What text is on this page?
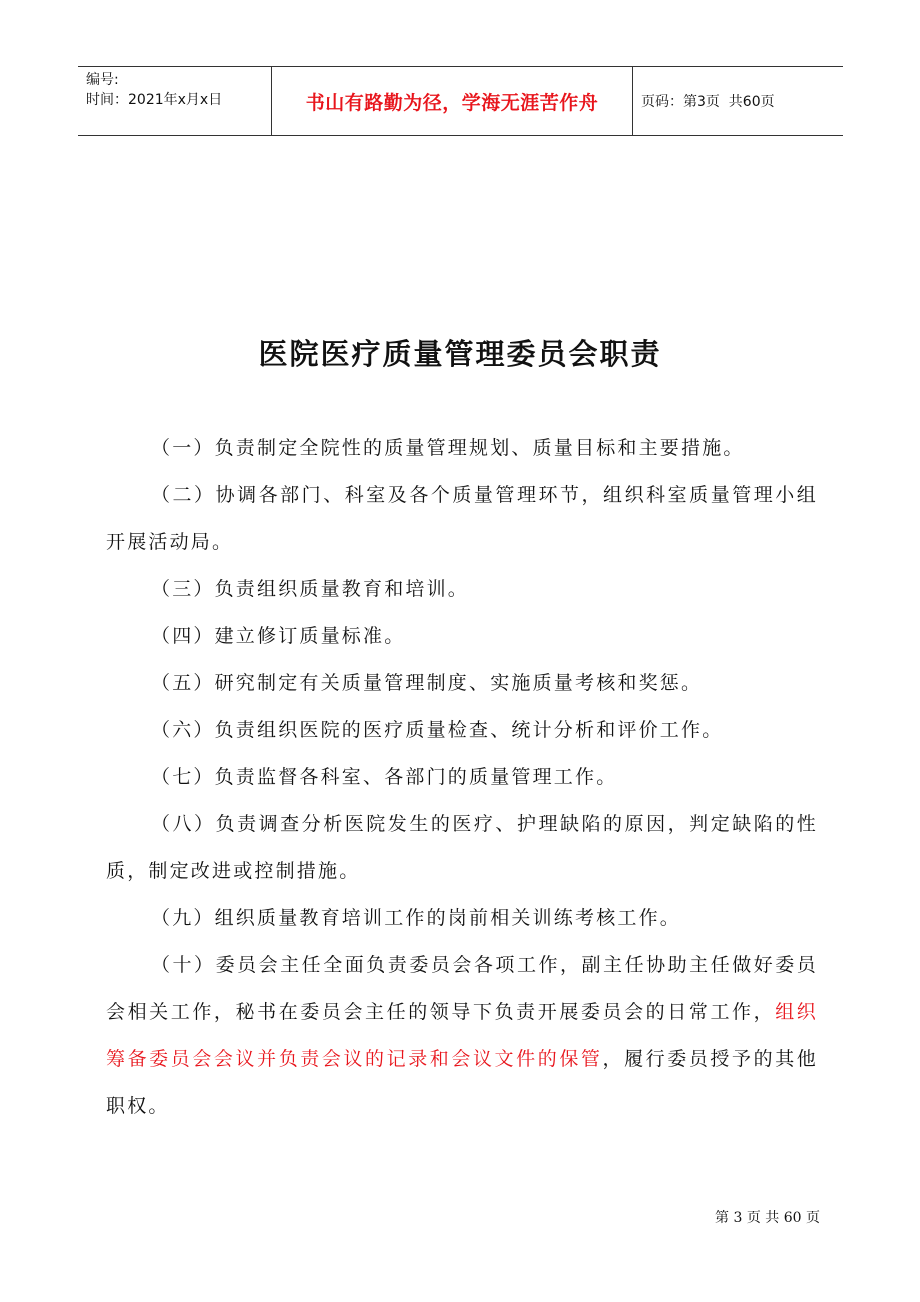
编号:
时间：2021年x月x日	书山有路勤为径，学海无涯苦作舟	页码：第3页  共60页
医院医疗质量管理委员会职责

（一）负责制定全院性的质量管理规划、质量目标和主要措施。

（二）协调各部门、科室及各个质量管理环节，组织科室质量管理小组开展活动局。

（三）负责组织质量教育和培训。

（四）建立修订质量标准。

（五）研究制定有关质量管理制度、实施质量考核和奖惩。

（六）负责组织医院的医疗质量检查、统计分析和评价工作。

（七）负责监督各科室、各部门的质量管理工作。

（八）负责调查分析医院发生的医疗、护理缺陷的原因，判定缺陷的性质，制定改进或控制措施。

（九）组织质量教育培训工作的岗前相关训练考核工作。

（十）委员会主任全面负责委员会各项工作，副主任协助主任做好委员会相关工作，秘书在委员会主任的领导下负责开展委员会的日常工作，组织筹备委员会会议并负责会议的记录和会议文件的保管，履行委员授予的其他职权。

第 3 页 共 60 页
